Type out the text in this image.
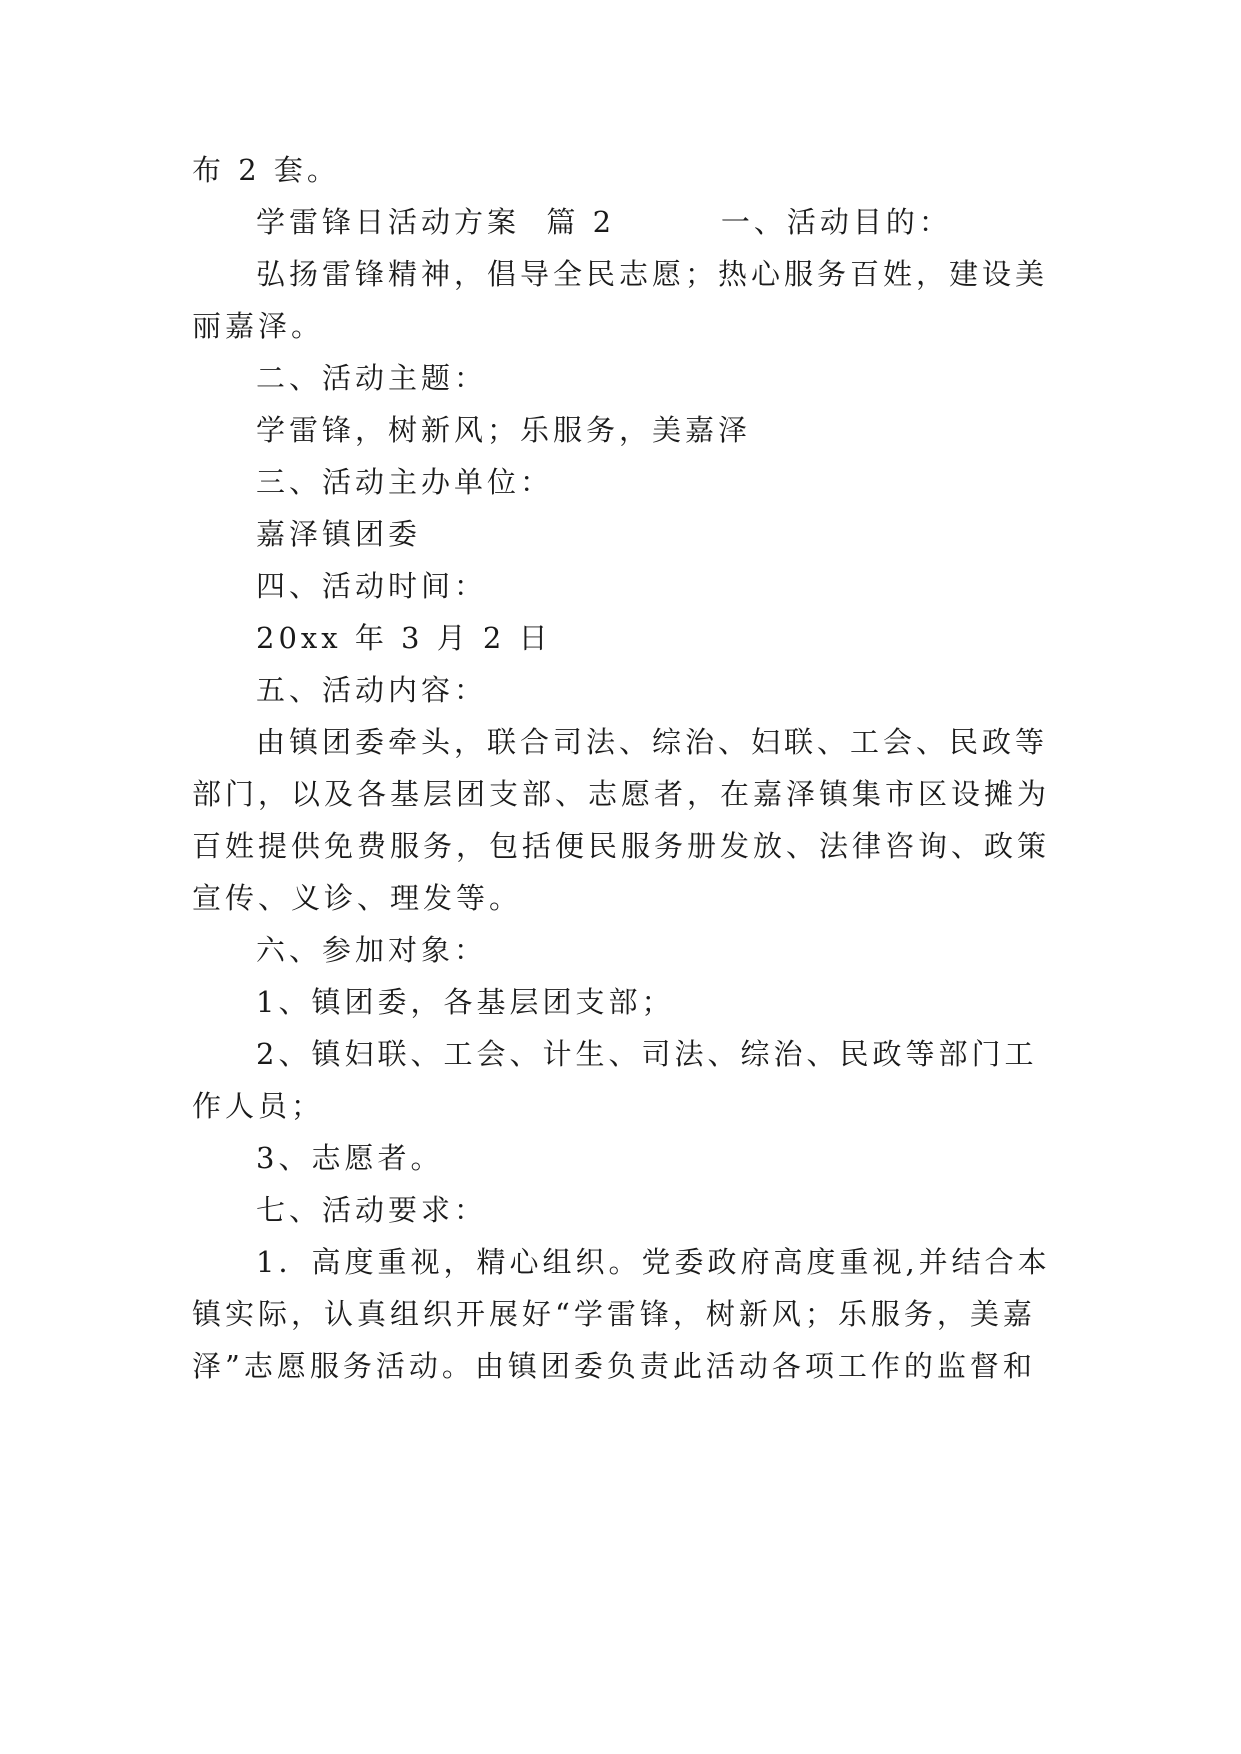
布 2 套。
学雷锋日活动方案  篇 2        一、活动目的：
弘扬雷锋精神，倡导全民志愿；热心服务百姓，建设美
丽嘉泽。
二、活动主题：
学雷锋，树新风；乐服务，美嘉泽
三、活动主办单位：
嘉泽镇团委
四、活动时间：
20xx 年 3 月 2 日
五、活动内容：
由镇团委牵头，联合司法、综治、妇联、工会、民政等
部门，以及各基层团支部、志愿者，在嘉泽镇集市区设摊为
百姓提供免费服务，包括便民服务册发放、法律咨询、政策
宣传、义诊、理发等。
六、参加对象：
1、镇团委，各基层团支部；
2、镇妇联、工会、计生、司法、综治、民政等部门工
作人员；
3、志愿者。
七、活动要求：
1．高度重视，精心组织。党委政府高度重视,并结合本
镇实际，认真组织开展好“学雷锋，树新风；乐服务，美嘉
泽”志愿服务活动。由镇团委负责此活动各项工作的监督和
